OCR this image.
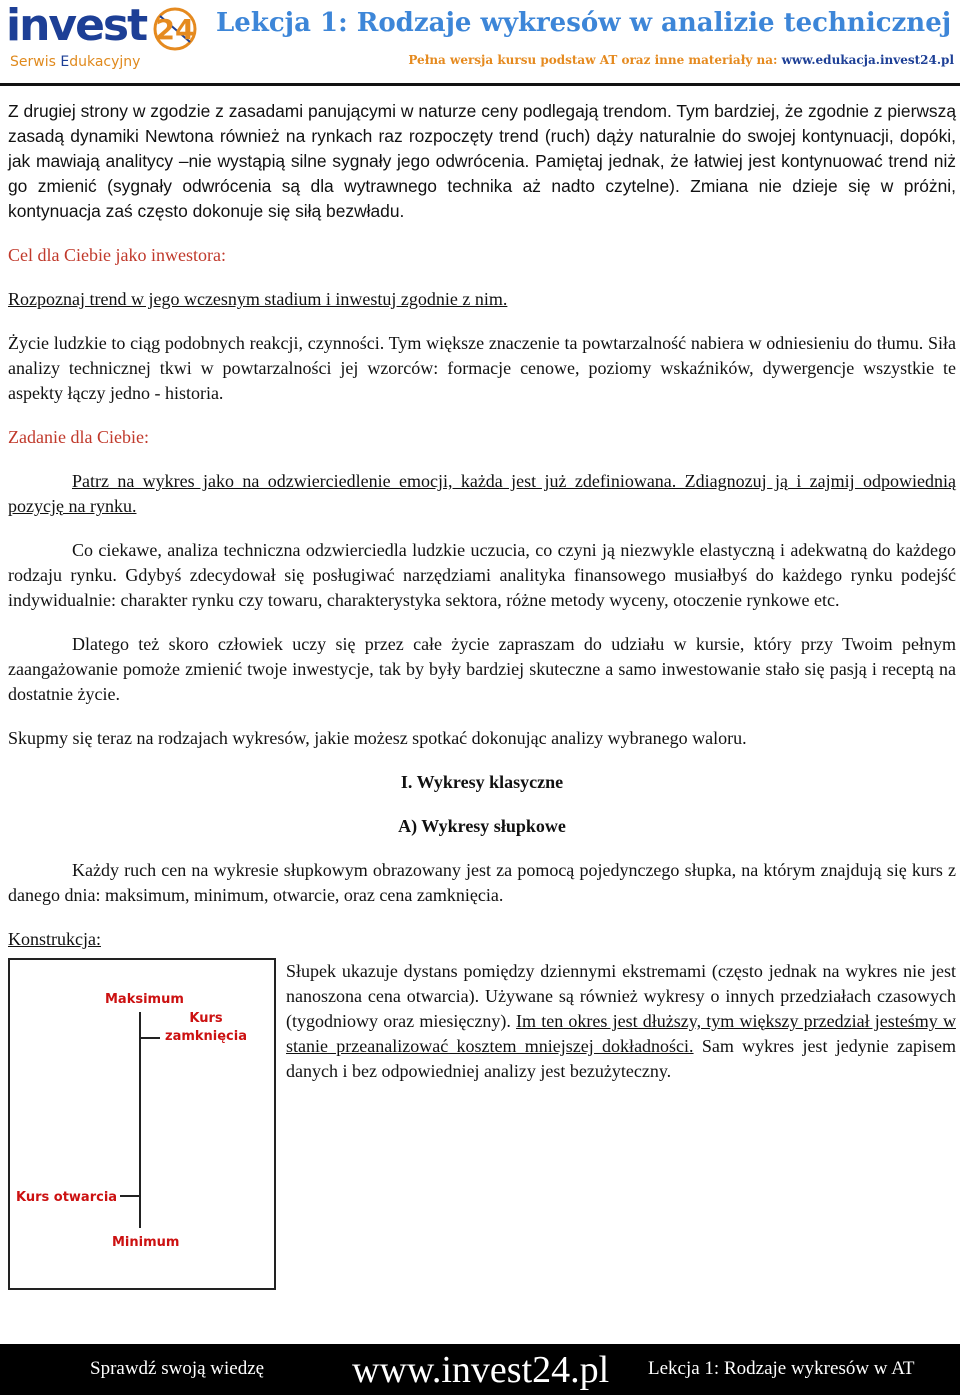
invest 24
Serwis Edukacyjny
Lekcja 1: Rodzaje wykresów w analizie technicznej
Pełna wersja kursu podstaw AT oraz inne materiały na: www.edukacja.invest24.pl

Z drugiej strony w zgodzie z zasadami panującymi w naturze ceny podlegają trendom. Tym bardziej, że zgodnie z pierwszą zasadą dynamiki Newtona również na rynkach raz rozpoczęty trend (ruch) dąży naturalnie do swojej kontynuacji, dopóki, jak mawiają analitycy –nie wystąpią silne sygnały jego odwrócenia. Pamiętaj jednak, że łatwiej jest kontynuować trend niż go zmienić (sygnały odwrócenia są dla wytrawnego technika aż nadto czytelne). Zmiana nie dzieje się w próżni, kontynuacja zaś często dokonuje się siłą bezwładu.

Cel dla Ciebie jako inwestora:

Rozpoznaj trend w jego wczesnym stadium i inwestuj zgodnie z nim.

Życie ludzkie to ciąg podobnych reakcji, czynności. Tym większe znaczenie ta powtarzalność nabiera w odniesieniu do tłumu. Siła analizy technicznej tkwi w powtarzalności jej wzorców: formacje cenowe, poziomy wskaźników, dywergencje wszystkie te aspekty łączy jedno - historia.

Zadanie dla Ciebie:

Patrz na wykres jako na odzwierciedlenie emocji, każda jest już zdefiniowana. Zdiagnozuj ją i zajmij odpowiednią pozycję na rynku.

Co ciekawe, analiza techniczna odzwierciedla ludzkie uczucia, co czyni ją niezwykle elastyczną i adekwatną do każdego rodzaju rynku. Gdybyś zdecydował się posługiwać narzędziami analityka finansowego musiałbyś do każdego rynku podejść indywidualnie: charakter rynku czy towaru, charakterystyka sektora, różne metody wyceny, otoczenie rynkowe etc.

Dlatego też skoro człowiek uczy się przez całe życie zapraszam do udziału w kursie, który przy Twoim pełnym zaangażowanie pomoże zmienić twoje inwestycje, tak by były bardziej skuteczne a samo inwestowanie stało się pasją i receptą na dostatnie życie.

Skupmy się teraz na rodzajach wykresów, jakie możesz spotkać dokonując analizy wybranego waloru.

I. Wykresy klasyczne

A) Wykresy słupkowe

Każdy ruch cen na wykresie słupkowym obrazowany jest za pomocą pojedynczego słupka, na którym znajdują się kurs z danego dnia: maksimum, minimum, otwarcie, oraz cena zamknięcia.

Konstrukcja:

Maksimum
Kurs
zamknięcia
Kurs otwarcia
Minimum

Słupek ukazuje dystans pomiędzy dziennymi ekstremami (często jednak na wykres nie jest nanoszona cena otwarcia). Używane są również wykresy o innych przedziałach czasowych (tygodniowy oraz miesięczny). Im ten okres jest dłuższy, tym większy przedział jesteśmy w stanie przeanalizować kosztem mniejszej dokładności. Sam wykres jest jedynie zapisem danych i bez odpowiedniej analizy jest bezużyteczny.

Sprawdź swoją wiedzę www.invest24.pl Lekcja 1: Rodzaje wykresów w AT
